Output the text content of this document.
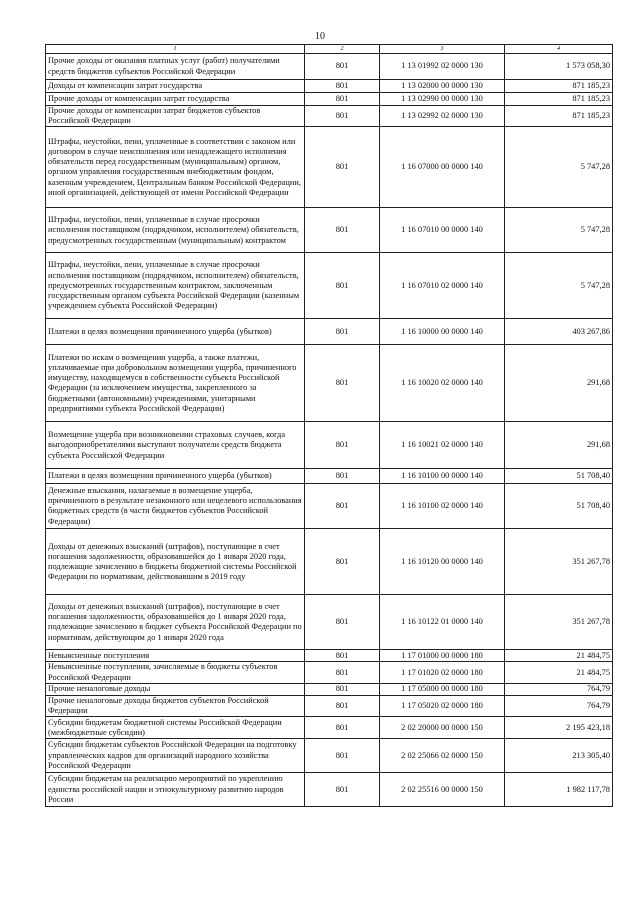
10
1	2	3	4
Прочие доходы от оказания платных услуг (работ) получателями средств бюджетов субъектов Российской Федерации	801	1 13 01992 02 0000 130	1 573 058,30
Доходы от компенсации затрат государства	801	1 13 02000 00 0000 130	871 185,23
Прочие доходы от компенсации затрат государства	801	1 13 02990 00 0000 130	871 185,23
Прочие доходы от компенсации затрат бюджетов субъектов Российской Федерации	801	1 13 02992 02 0000 130	871 185,23
Штрафы, неустойки, пени, уплаченные в соответствии с законом или договором в случае неисполнения или ненадлежащего исполнения обязательств перед государственным (муниципальным) органом, органом управления государственным внебюджетным фондом, казенным учреждением, Центральным банком Российской Федерации, иной организацией, действующей от имени Российской Федерации	801	1 16 07000 00 0000 140	5 747,28
Штрафы, неустойки, пени, уплаченные в случае просрочки исполнения поставщиком (подрядчиком, исполнителем) обязательств, предусмотренных государственным (муниципальным) контрактом	801	1 16 07010 00 0000 140	5 747,28
Штрафы, неустойки, пени, уплаченные в случае просрочки исполнения поставщиком (подрядчиком, исполнителем) обязательств, предусмотренных государственным контрактом, заключенным государственным органом субъекта Российской Федерации (казенным учреждением субъекта Российской Федерации)	801	1 16 07010 02 0000 140	5 747,28
Платежи в целях возмещения причиненного ущерба (убытков)	801	1 16 10000 00 0000 140	403 267,86
Платежи по искам о возмещении ущерба, а также платежи, уплачиваемые при добровольном возмещении ущерба, причиненного имуществу, находящемуся в собственности субъекта Российской Федерации (за исключением имущества, закрепленного за бюджетными (автономными) учреждениями, унитарными предприятиями субъекта Российской Федерации)	801	1 16 10020 02 0000 140	291,68
Возмещение ущерба при возникновении страховых случаев, когда выгодоприобретателями выступают получатели средств бюджета субъекта Российской Федерации	801	1 16 10021 02 0000 140	291,68
Платежи в целях возмещения причиненного ущерба (убытков)	801	1 16 10100 00 0000 140	51 708,40
Денежные взыскания, налагаемые в возмещение ущерба, причиненного в результате незаконного или нецелевого использования бюджетных средств (в части бюджетов субъектов Российской Федерации)	801	1 16 10100 02 0000 140	51 708,40
Доходы от денежных взысканий (штрафов), поступающие в счет погашения задолженности, образовавшейся до 1 января 2020 года, подлежащие зачислению в бюджеты бюджетной системы Российской Федерации по нормативам, действовавшим в 2019 году	801	1 16 10120 00 0000 140	351 267,78
Доходы от денежных взысканий (штрафов), поступающие в счет погашения задолженности, образовавшейся до 1 января 2020 года, подлежащие зачислению в бюджет субъекта Российской Федерации по нормативам, действующим до 1 января 2020 года	801	1 16 10122 01 0000 140	351 267,78
Невыясненные поступления	801	1 17 01000 00 0000 180	21 484,75
Невыясненные поступления, зачисляемые в бюджеты субъектов Российской Федерации	801	1 17 01020 02 0000 180	21 484,75
Прочие неналоговые доходы	801	1 17 05000 00 0000 180	764,79
Прочие неналоговые доходы бюджетов субъектов Российской Федерации	801	1 17 05020 02 0000 180	764,79
Субсидии бюджетам бюджетной системы Российской Федерации (межбюджетные субсидии)	801	2 02 20000 00 0000 150	2 195 423,18
Субсидии бюджетам субъектов Российской Федерации на подготовку управленческих кадров для организаций народного хозяйства Российской Федерации	801	2 02 25066 02 0000 150	213 305,40
Субсидии бюджетам на реализацию мероприятий по укреплению единства российской нации и этнокультурному развитию народов России	801	2 02 25516 00 0000 150	1 982 117,78
